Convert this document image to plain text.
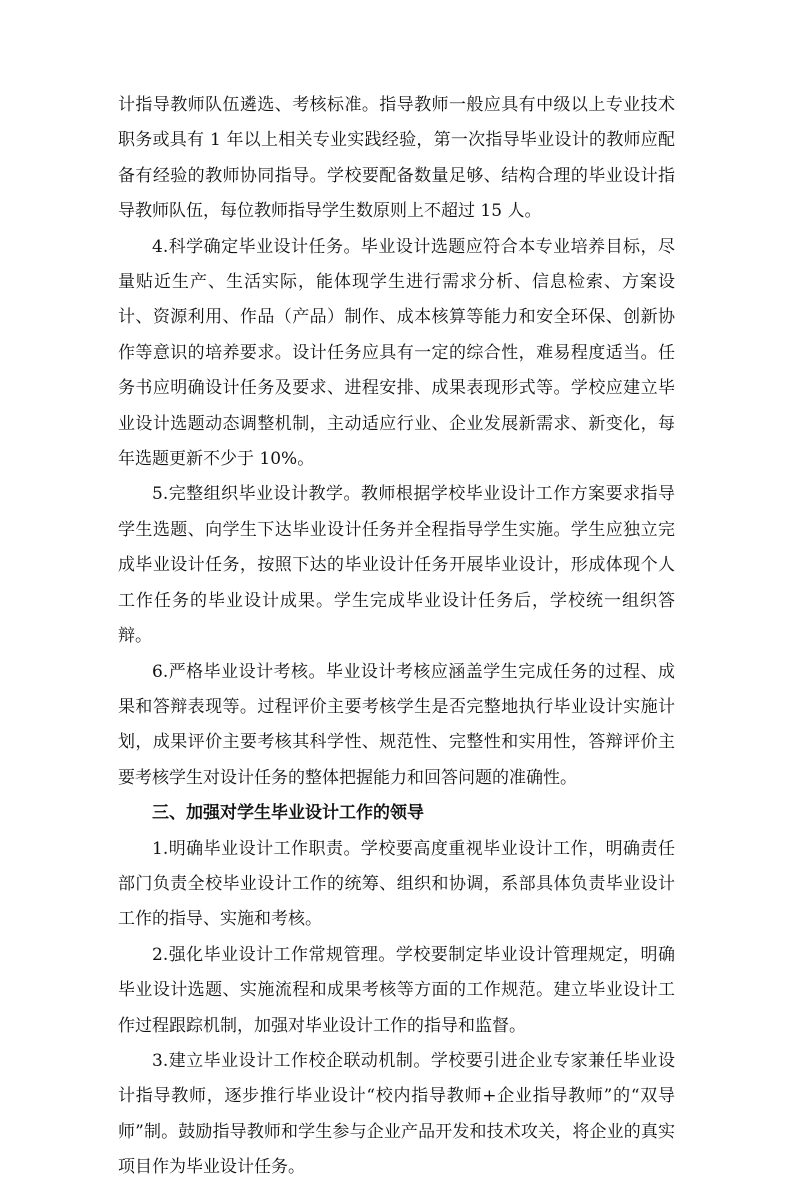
计指导教师队伍遴选、考核标准。指导教师一般应具有中级以上专业技术职务或具有 1 年以上相关专业实践经验，第一次指导毕业设计的教师应配备有经验的教师协同指导。学校要配备数量足够、结构合理的毕业设计指导教师队伍，每位教师指导学生数原则上不超过 15 人。

4.科学确定毕业设计任务。毕业设计选题应符合本专业培养目标，尽量贴近生产、生活实际，能体现学生进行需求分析、信息检索、方案设计、资源利用、作品（产品）制作、成本核算等能力和安全环保、创新协作等意识的培养要求。设计任务应具有一定的综合性，难易程度适当。任务书应明确设计任务及要求、进程安排、成果表现形式等。学校应建立毕业设计选题动态调整机制，主动适应行业、企业发展新需求、新变化，每年选题更新不少于 10%。

5.完整组织毕业设计教学。教师根据学校毕业设计工作方案要求指导学生选题、向学生下达毕业设计任务并全程指导学生实施。学生应独立完成毕业设计任务，按照下达的毕业设计任务开展毕业设计，形成体现个人工作任务的毕业设计成果。学生完成毕业设计任务后，学校统一组织答辩。

6.严格毕业设计考核。毕业设计考核应涵盖学生完成任务的过程、成果和答辩表现等。过程评价主要考核学生是否完整地执行毕业设计实施计划，成果评价主要考核其科学性、规范性、完整性和实用性，答辩评价主要考核学生对设计任务的整体把握能力和回答问题的准确性。

三、加强对学生毕业设计工作的领导

1.明确毕业设计工作职责。学校要高度重视毕业设计工作，明确责任部门负责全校毕业设计工作的统筹、组织和协调，系部具体负责毕业设计工作的指导、实施和考核。

2.强化毕业设计工作常规管理。学校要制定毕业设计管理规定，明确毕业设计选题、实施流程和成果考核等方面的工作规范。建立毕业设计工作过程跟踪机制，加强对毕业设计工作的指导和监督。

3.建立毕业设计工作校企联动机制。学校要引进企业专家兼任毕业设计指导教师，逐步推行毕业设计“校内指导教师+企业指导教师”的“双导师”制。鼓励指导教师和学生参与企业产品开发和技术攻关，将企业的真实项目作为毕业设计任务。
